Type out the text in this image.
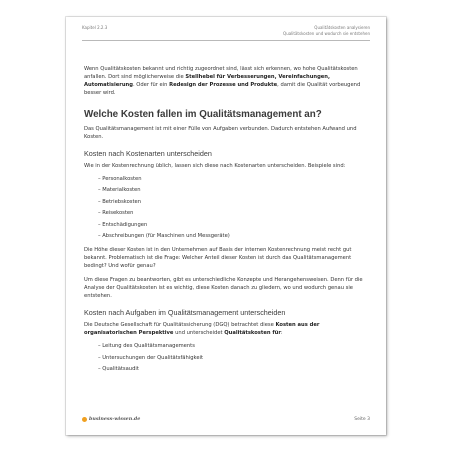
Kapitel 2.2.3	Qualitätskosten analysieren
Qualitätskosten und wodurch sie entstehen

Wenn Qualitätskosten bekannt und richtig zugeordnet sind, lässt sich erkennen, wo hohe Qualitätskosten anfallen. Dort sind möglicherweise die Stellhebel für Verbesserungen, Vereinfachungen, Automatisierung. Oder für ein Redesign der Prozesse und Produkte, damit die Qualität vorbeugend besser wird.

Welche Kosten fallen im Qualitätsmanagement an?

Das Qualitätsmanagement ist mit einer Fülle von Aufgaben verbunden. Dadurch entstehen Aufwand und Kosten.

Kosten nach Kostenarten unterscheiden

Wie in der Kostenrechnung üblich, lassen sich diese nach Kostenarten unterscheiden. Beispiele sind:

– Personalkosten
– Materialkosten
– Betriebskosten
– Reisekosten
– Entschädigungen
– Abschreibungen (für Maschinen und Messgeräte)

Die Höhe dieser Kosten ist in den Unternehmen auf Basis der internen Kostenrechnung meist recht gut bekannt. Problematisch ist die Frage: Welcher Anteil dieser Kosten ist durch das Qualitätsmanagement bedingt? Und wofür genau?

Um diese Fragen zu beantworten, gibt es unterschiedliche Konzepte und Herangehensweisen. Denn für die Analyse der Qualitätskosten ist es wichtig, diese Kosten danach zu gliedern, wo und wodurch genau sie entstehen.

Kosten nach Aufgaben im Qualitätsmanagement unterscheiden

Die Deutsche Gesellschaft für Qualitätssicherung (DGQ) betrachtet diese Kosten aus der organisatorischen Perspektive und unterscheidet Qualitätskosten für:

– Leitung des Qualitätsmanagements
– Untersuchungen der Qualitätsfähigkeit
– Qualitätsaudit
business-wissen.de	Seite 3
